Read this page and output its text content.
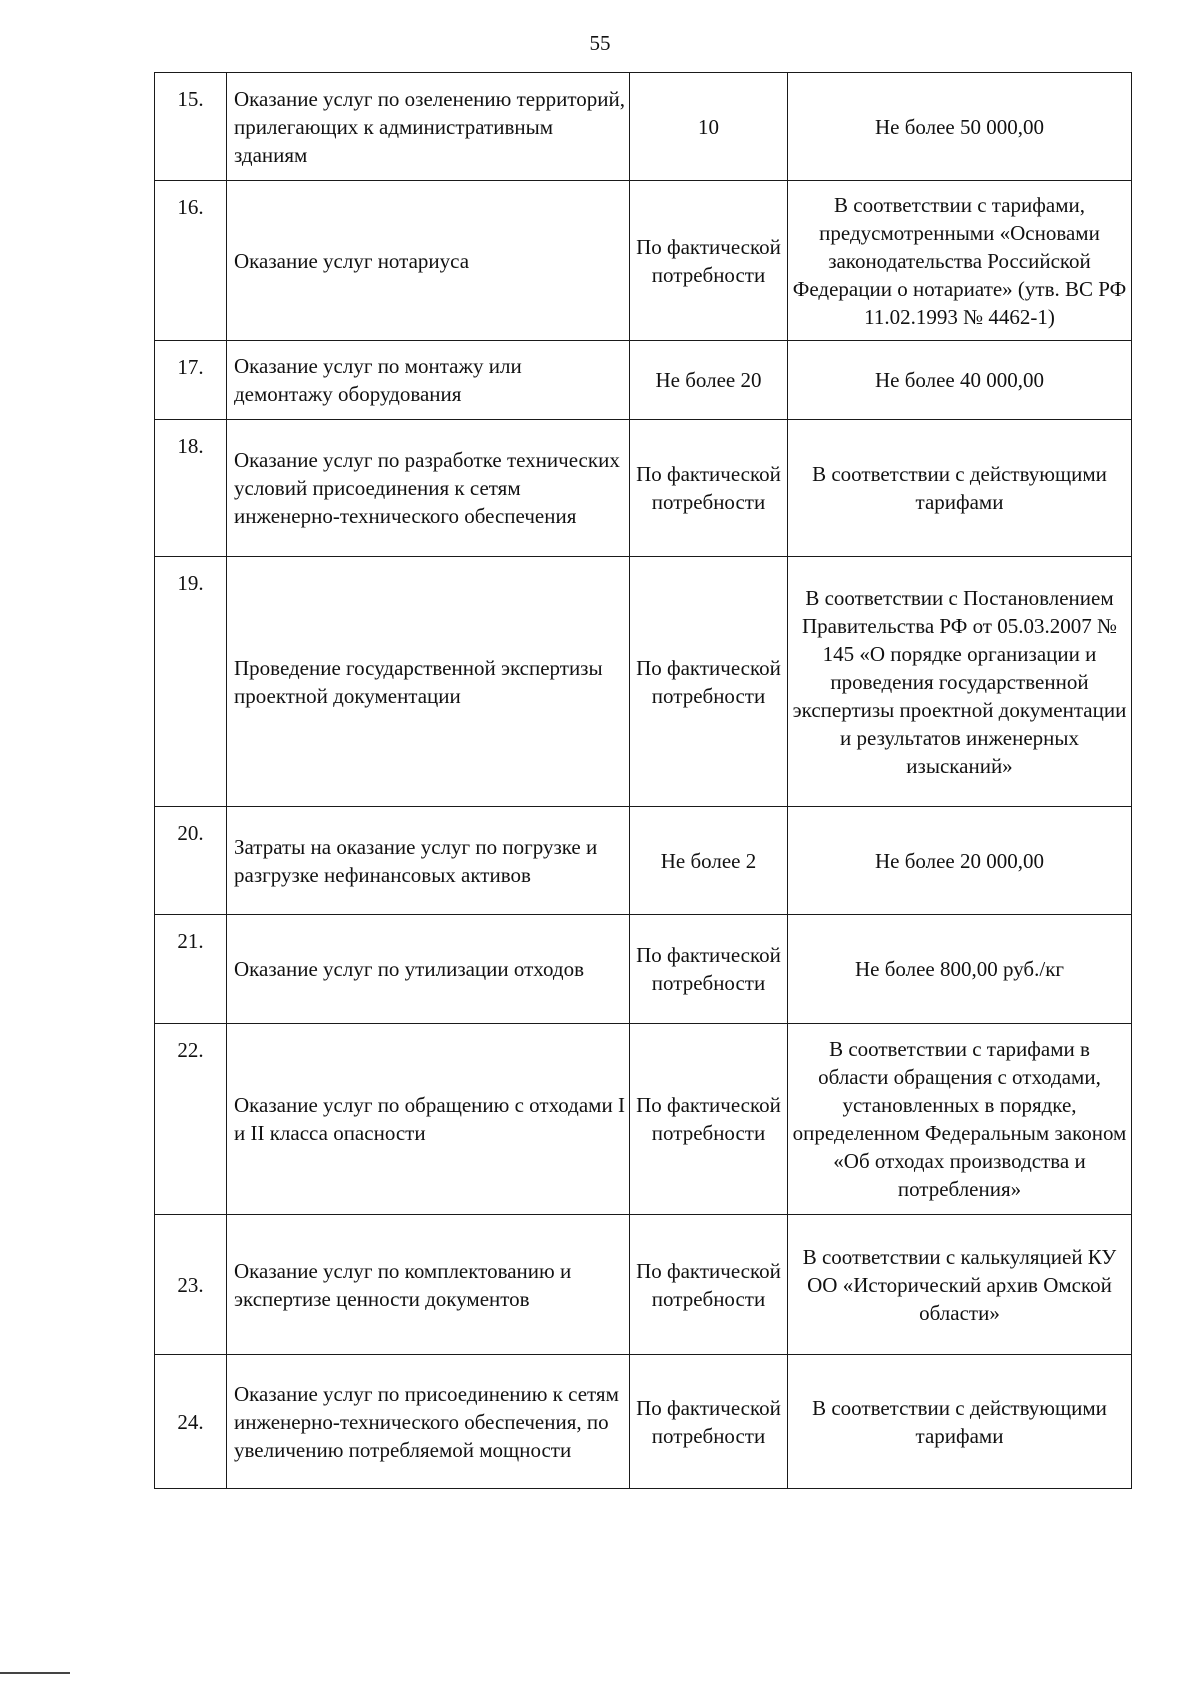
55
15.	Оказание услуг по озеленению территорий, прилегающих к административным зданиям	10	Не более 50 000,00
16.	Оказание услуг нотариуса	По фактической потребности	В соответствии с тарифами, предусмотренными «Основами законодательства Российской Федерации о нотариате» (утв. ВС РФ 11.02.1993 № 4462-1)
17.	Оказание услуг по монтажу или демонтажу оборудования	Не более 20	Не более 40 000,00
18.	Оказание услуг по разработке технических условий присоединения к сетям инженерно-технического обеспечения	По фактической потребности	В соответствии с действующими тарифами
19.	Проведение государственной экспертизы проектной документации	По фактической потребности	В соответствии с Постановлением Правительства РФ от 05.03.2007 № 145 «О порядке организации и проведения государственной экспертизы проектной документации и результатов инженерных изысканий»
20.	Затраты на оказание услуг по погрузке и разгрузке нефинансовых активов	Не более 2	Не более 20 000,00
21.	Оказание услуг по утилизации отходов	По фактической потребности	Не более 800,00 руб./кг
22.	Оказание услуг по обращению с отходами I и II класса опасности	По фактической потребности	В соответствии с тарифами в области обращения с отходами, установленных в порядке, определенном Федеральным законом «Об отходах производства и потребления»
23.	Оказание услуг по комплектованию и экспертизе ценности документов	По фактической потребности	В соответствии с калькуляцией КУ ОО «Исторический архив Омской области»
24.	Оказание услуг по присоединению к сетям инженерно-технического обеспечения, по увеличению потребляемой мощности	По фактической потребности	В соответствии с действующими тарифами
